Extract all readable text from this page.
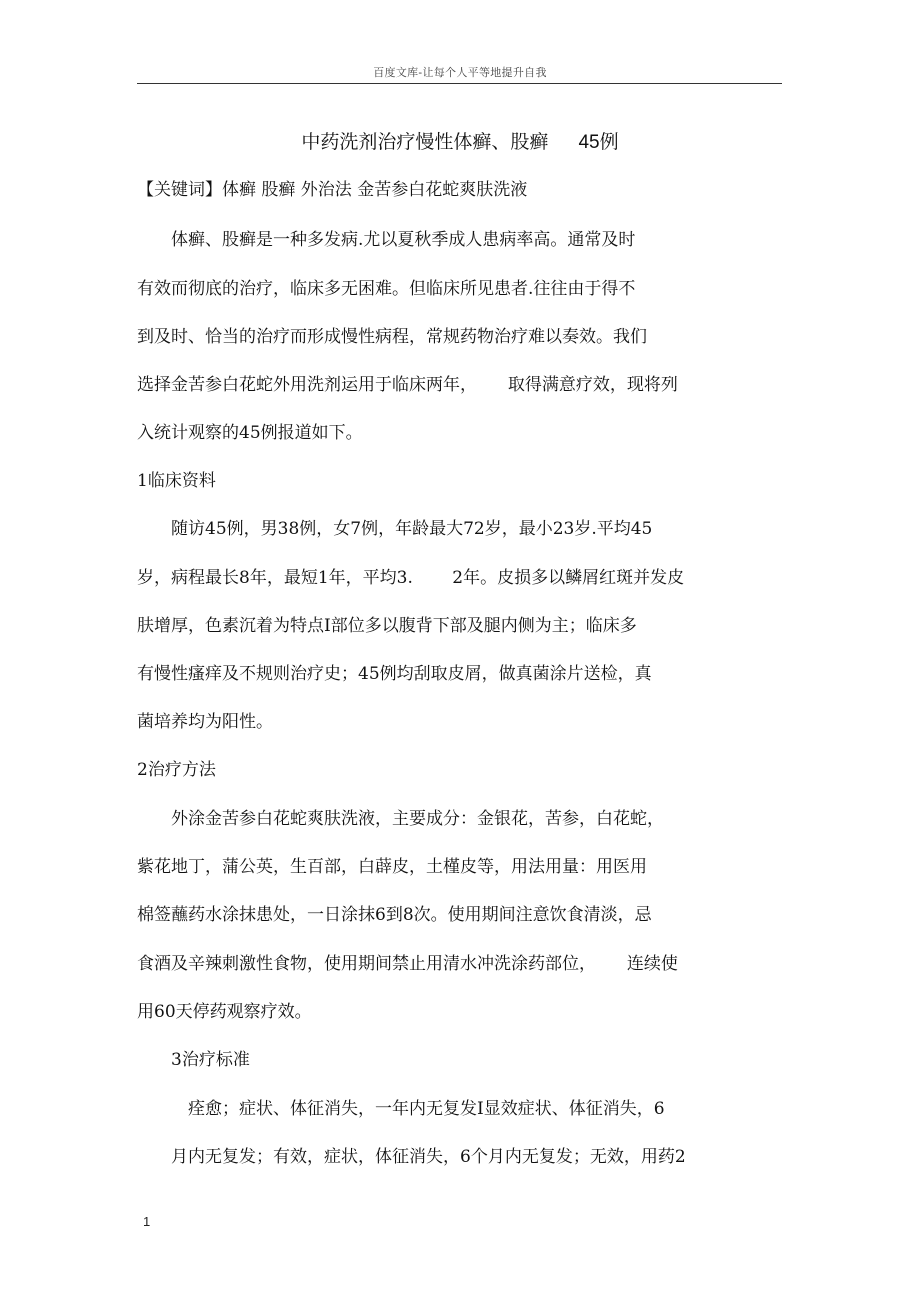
百度文库-让每个人平等地提升自我
中药洗剂治疗慢性体癣、股癣 45例
【关键词】体癣 股癣 外治法 金苦参白花蛇爽肤洗液
　　体癣、股癣是一种多发病.尤以夏秋季成人患病率高。通常及时
有效而彻底的治疗，临床多无困难。但临床所见患者.往往由于得不
到及时、恰当的治疗而形成慢性病程，常规药物治疗难以奏效。我们
选择金苦参白花蛇外用洗剂运用于临床两年，　　 取得满意疗效，现将列
入统计观察的45例报道如下。
1临床资料
　　随访45例，男38例，女7例，年龄最大72岁，最小23岁.平均45
岁，病程最长8年，最短1年，平均3.　　 2年。皮损多以鳞屑红斑并发皮
肤增厚，色素沉着为特点I部位多以腹背下部及腿内侧为主；临床多
有慢性瘙痒及不规则治疗史；45例均刮取皮屑，做真菌涂片送检，真
菌培养均为阳性。
2治疗方法
　　外涂金苦参白花蛇爽肤洗液，主要成分：金银花，苦参，白花蛇，
紫花地丁，蒲公英，生百部，白薜皮，土槿皮等，用法用量：用医用
棉签蘸药水涂抹患处，一日涂抹6到8次。使用期间注意饮食清淡，忌
食酒及辛辣刺激性食物，使用期间禁止用清水冲洗涂药部位，　　 连续使
用60天停药观察疗效。
　　3治疗标准
　　　痊愈；症状、体征消失，一年内无复发I显效症状、体征消失，6
　　月内无复发；有效，症状，体征消失，6个月内无复发；无效，用药2
1
